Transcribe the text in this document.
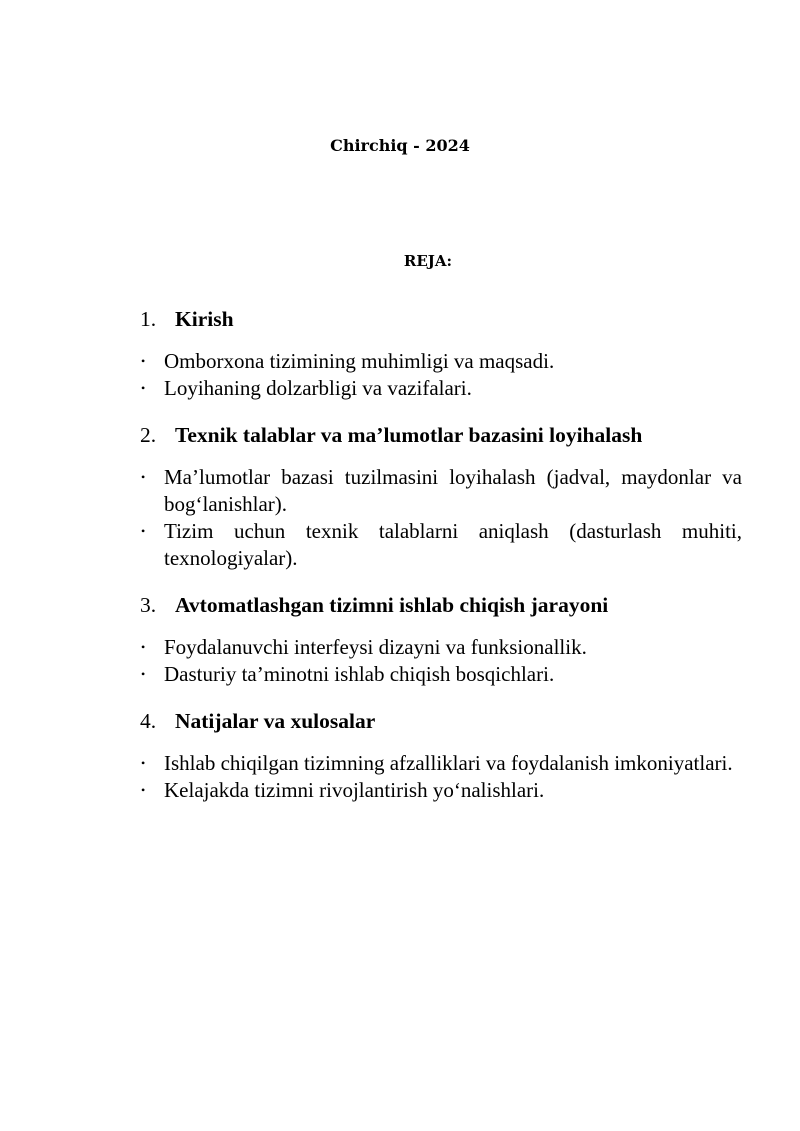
Chirchiq - 2024

REJA:

1. Kirish
• Omborxona tizimining muhimligi va maqsadi.
• Loyihaning dolzarbligi va vazifalari.
2. Texnik talablar va ma’lumotlar bazasini loyihalash
• Ma’lumotlar bazasi tuzilmasini loyihalash (jadval, maydonlar va bog‘lanishlar).
• Tizim uchun texnik talablarni aniqlash (dasturlash muhiti, texnologiyalar).
3. Avtomatlashgan tizimni ishlab chiqish jarayoni
• Foydalanuvchi interfeysi dizayni va funksionallik.
• Dasturiy ta’minotni ishlab chiqish bosqichlari.
4. Natijalar va xulosalar
• Ishlab chiqilgan tizimning afzalliklari va foydalanish imkoniyatlari.
• Kelajakda tizimni rivojlantirish yo‘nalishlari.
